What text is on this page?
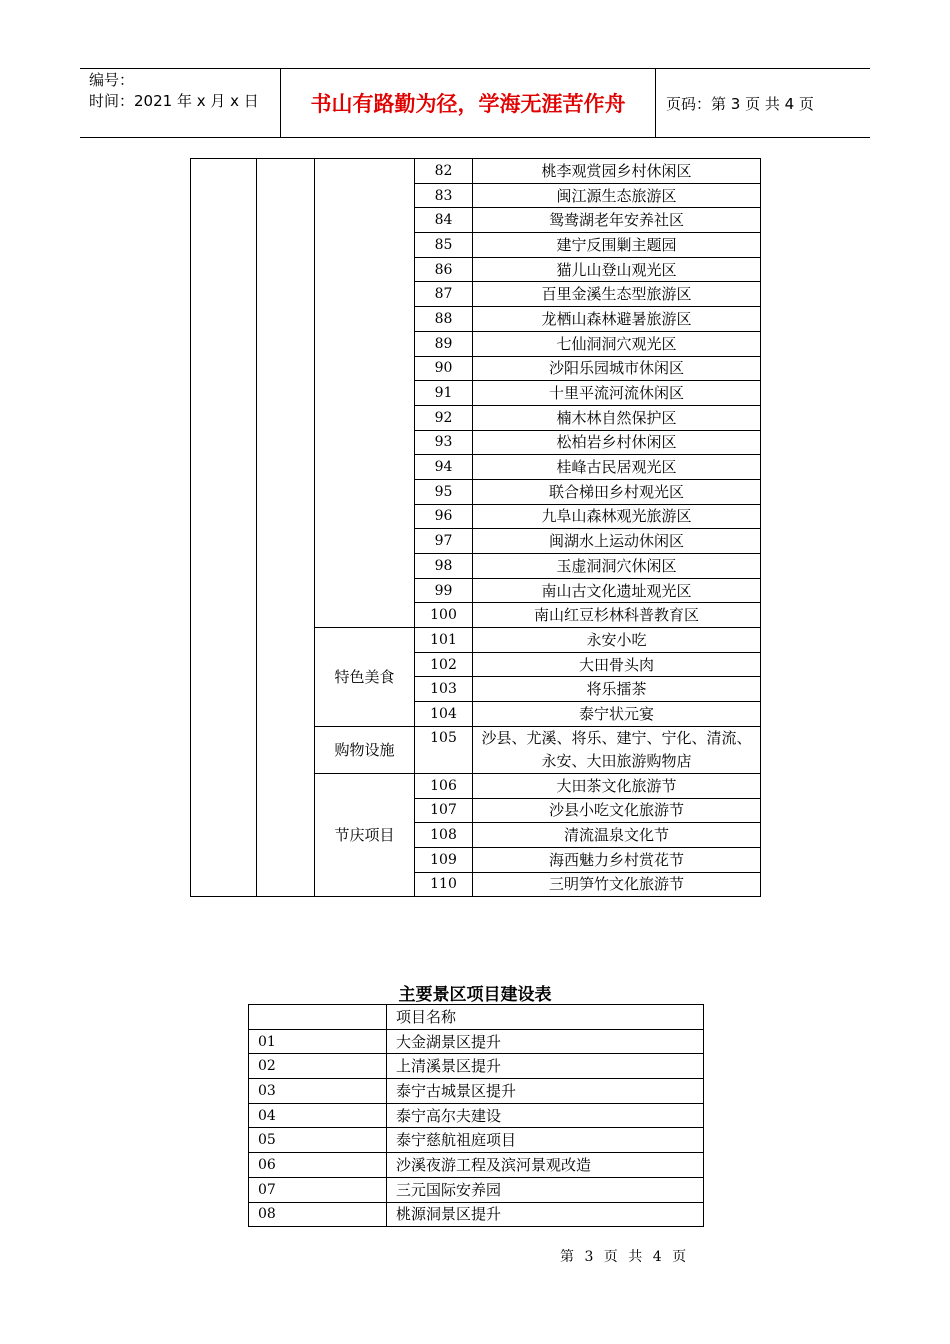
编号：
时间：2021 年 x 月 x 日	书山有路勤为径，学海无涯苦作舟	页码：第 3 页 共 4 页
			82	桃李观赏园乡村休闲区
			83	闽江源生态旅游区
			84	鸳鸯湖老年安养社区
			85	建宁反围剿主题园
			86	猫儿山登山观光区
			87	百里金溪生态型旅游区
			88	龙栖山森林避暑旅游区
			89	七仙洞洞穴观光区
			90	沙阳乐园城市休闲区
			91	十里平流河流休闲区
			92	楠木林自然保护区
			93	松柏岩乡村休闲区
			94	桂峰古民居观光区
			95	联合梯田乡村观光区
			96	九阜山森林观光旅游区
			97	闽湖水上运动休闲区
			98	玉虚洞洞穴休闲区
			99	南山古文化遗址观光区
			100	南山红豆杉林科普教育区
		特色美食	101	永安小吃
			102	大田骨头肉
			103	将乐擂茶
			104	泰宁状元宴
		购物设施	105	沙县、尤溪、将乐、建宁、宁化、清流、永安、大田旅游购物店
		节庆项目	106	大田茶文化旅游节
			107	沙县小吃文化旅游节
			108	清流温泉文化节
			109	海西魅力乡村赏花节
			110	三明笋竹文化旅游节
主要景区项目建设表
	项目名称
01	大金湖景区提升
02	上清溪景区提升
03	泰宁古城景区提升
04	泰宁高尔夫建设
05	泰宁慈航祖庭项目
06	沙溪夜游工程及滨河景观改造
07	三元国际安养园
08	桃源洞景区提升
第 3 页 共 4 页
